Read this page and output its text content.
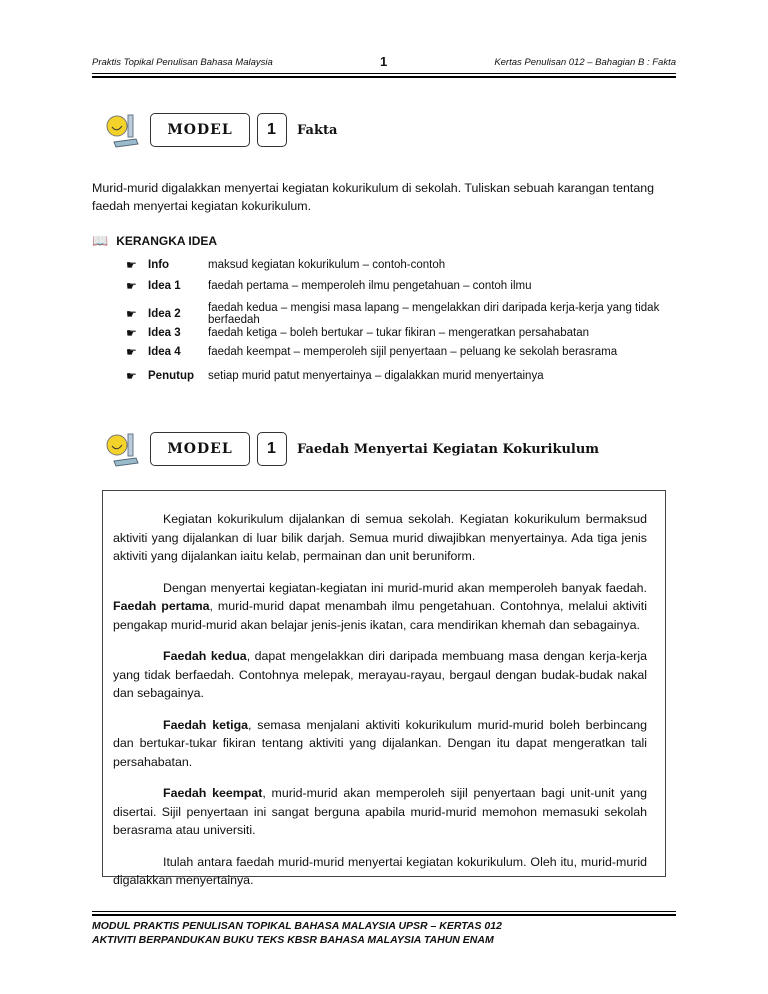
Praktis Topikal Penulisan Bahasa Malaysia	1	Kertas Penulisan 012 – Bahagian B : Fakta
MODEL	1	Fakta
Murid-murid digalakkan menyertai kegiatan kokurikulum di sekolah. Tuliskan sebuah karangan tentang faedah menyertai kegiatan kokurikulum.
📖 KERANGKA IDEA
☛ Info	maksud kegiatan kokurikulum – contoh-contoh
☛ Idea 1	faedah pertama – memperoleh ilmu pengetahuan – contoh ilmu
☛ Idea 2	faedah kedua – mengisi masa lapang – mengelakkan diri daripada kerja-kerja yang tidak berfaedah
☛ Idea 3	faedah ketiga – boleh bertukar – tukar fikiran – mengeratkan persahabatan
☛ Idea 4	faedah keempat – memperoleh sijil penyertaan – peluang ke sekolah berasrama
☛ Penutup	setiap murid patut menyertainya – digalakkan murid menyertainya
MODEL	1	Faedah Menyertai Kegiatan Kokurikulum

Kegiatan kokurikulum dijalankan di semua sekolah. Kegiatan kokurikulum bermaksud aktiviti yang dijalankan di luar bilik darjah. Semua murid diwajibkan menyertainya. Ada tiga jenis aktiviti yang dijalankan iaitu kelab, permainan dan unit beruniform.

Dengan menyertai kegiatan-kegiatan ini murid-murid akan memperoleh banyak faedah. Faedah pertama, murid-murid dapat menambah ilmu pengetahuan. Contohnya, melalui aktiviti pengakap murid-murid akan belajar jenis-jenis ikatan, cara mendirikan khemah dan sebagainya.

Faedah kedua, dapat mengelakkan diri daripada membuang masa dengan kerja-kerja yang tidak berfaedah. Contohnya melepak, merayau-rayau, bergaul dengan budak-budak nakal dan sebagainya.

Faedah ketiga, semasa menjalani aktiviti kokurikulum murid-murid boleh berbincang dan bertukar-tukar fikiran tentang aktiviti yang dijalankan. Dengan itu dapat mengeratkan tali persahabatan.

Faedah keempat, murid-murid akan memperoleh sijil penyertaan bagi unit-unit yang disertai. Sijil penyertaan ini sangat berguna apabila murid-murid memohon memasuki sekolah berasrama atau universiti.

Itulah antara faedah murid-murid menyertai kegiatan kokurikulum. Oleh itu, murid-murid digalakkan menyertainya.

MODUL PRAKTIS PENULISAN TOPIKAL BAHASA MALAYSIA UPSR – KERTAS 012
AKTIVITI BERPANDUKAN BUKU TEKS KBSR BAHASA MALAYSIA TAHUN ENAM
